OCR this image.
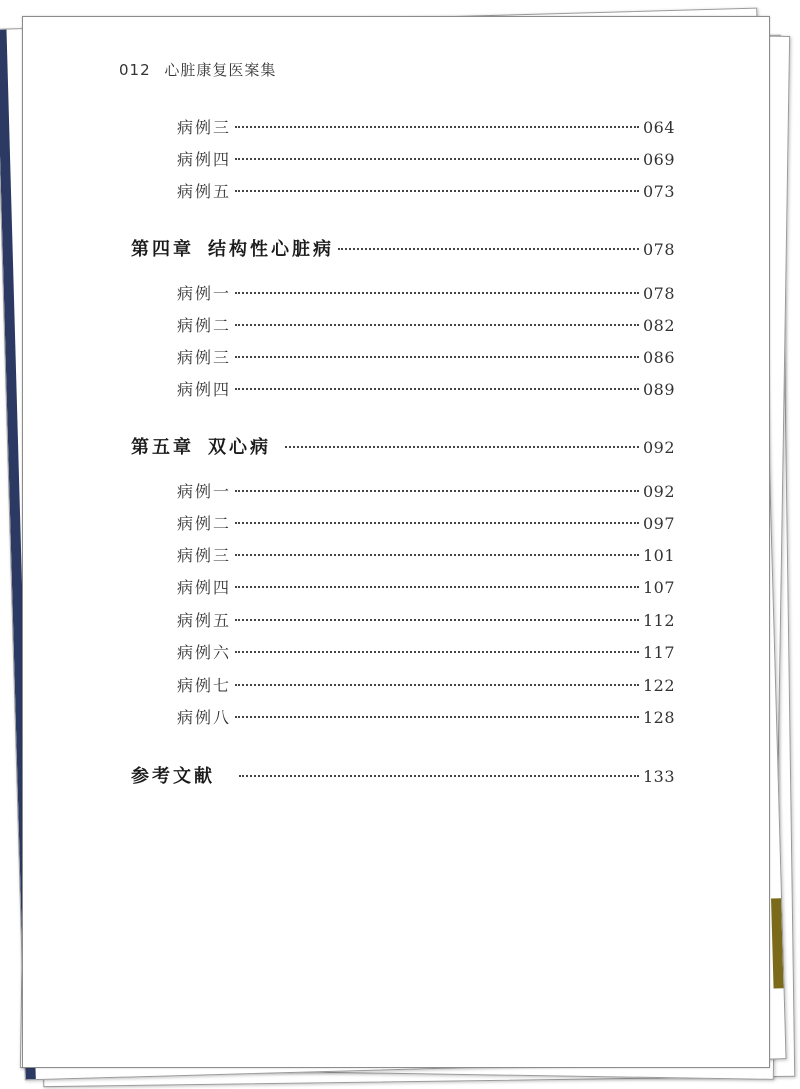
012 心脏康复医案集
病例三	064
病例四	069
病例五	073
第四章 结构性心脏病	078
病例一	078
病例二	082
病例三	086
病例四	089
第五章 双心病	092
病例一	092
病例二	097
病例三	101
病例四	107
病例五	112
病例六	117
病例七	122
病例八	128
参考文献	133
